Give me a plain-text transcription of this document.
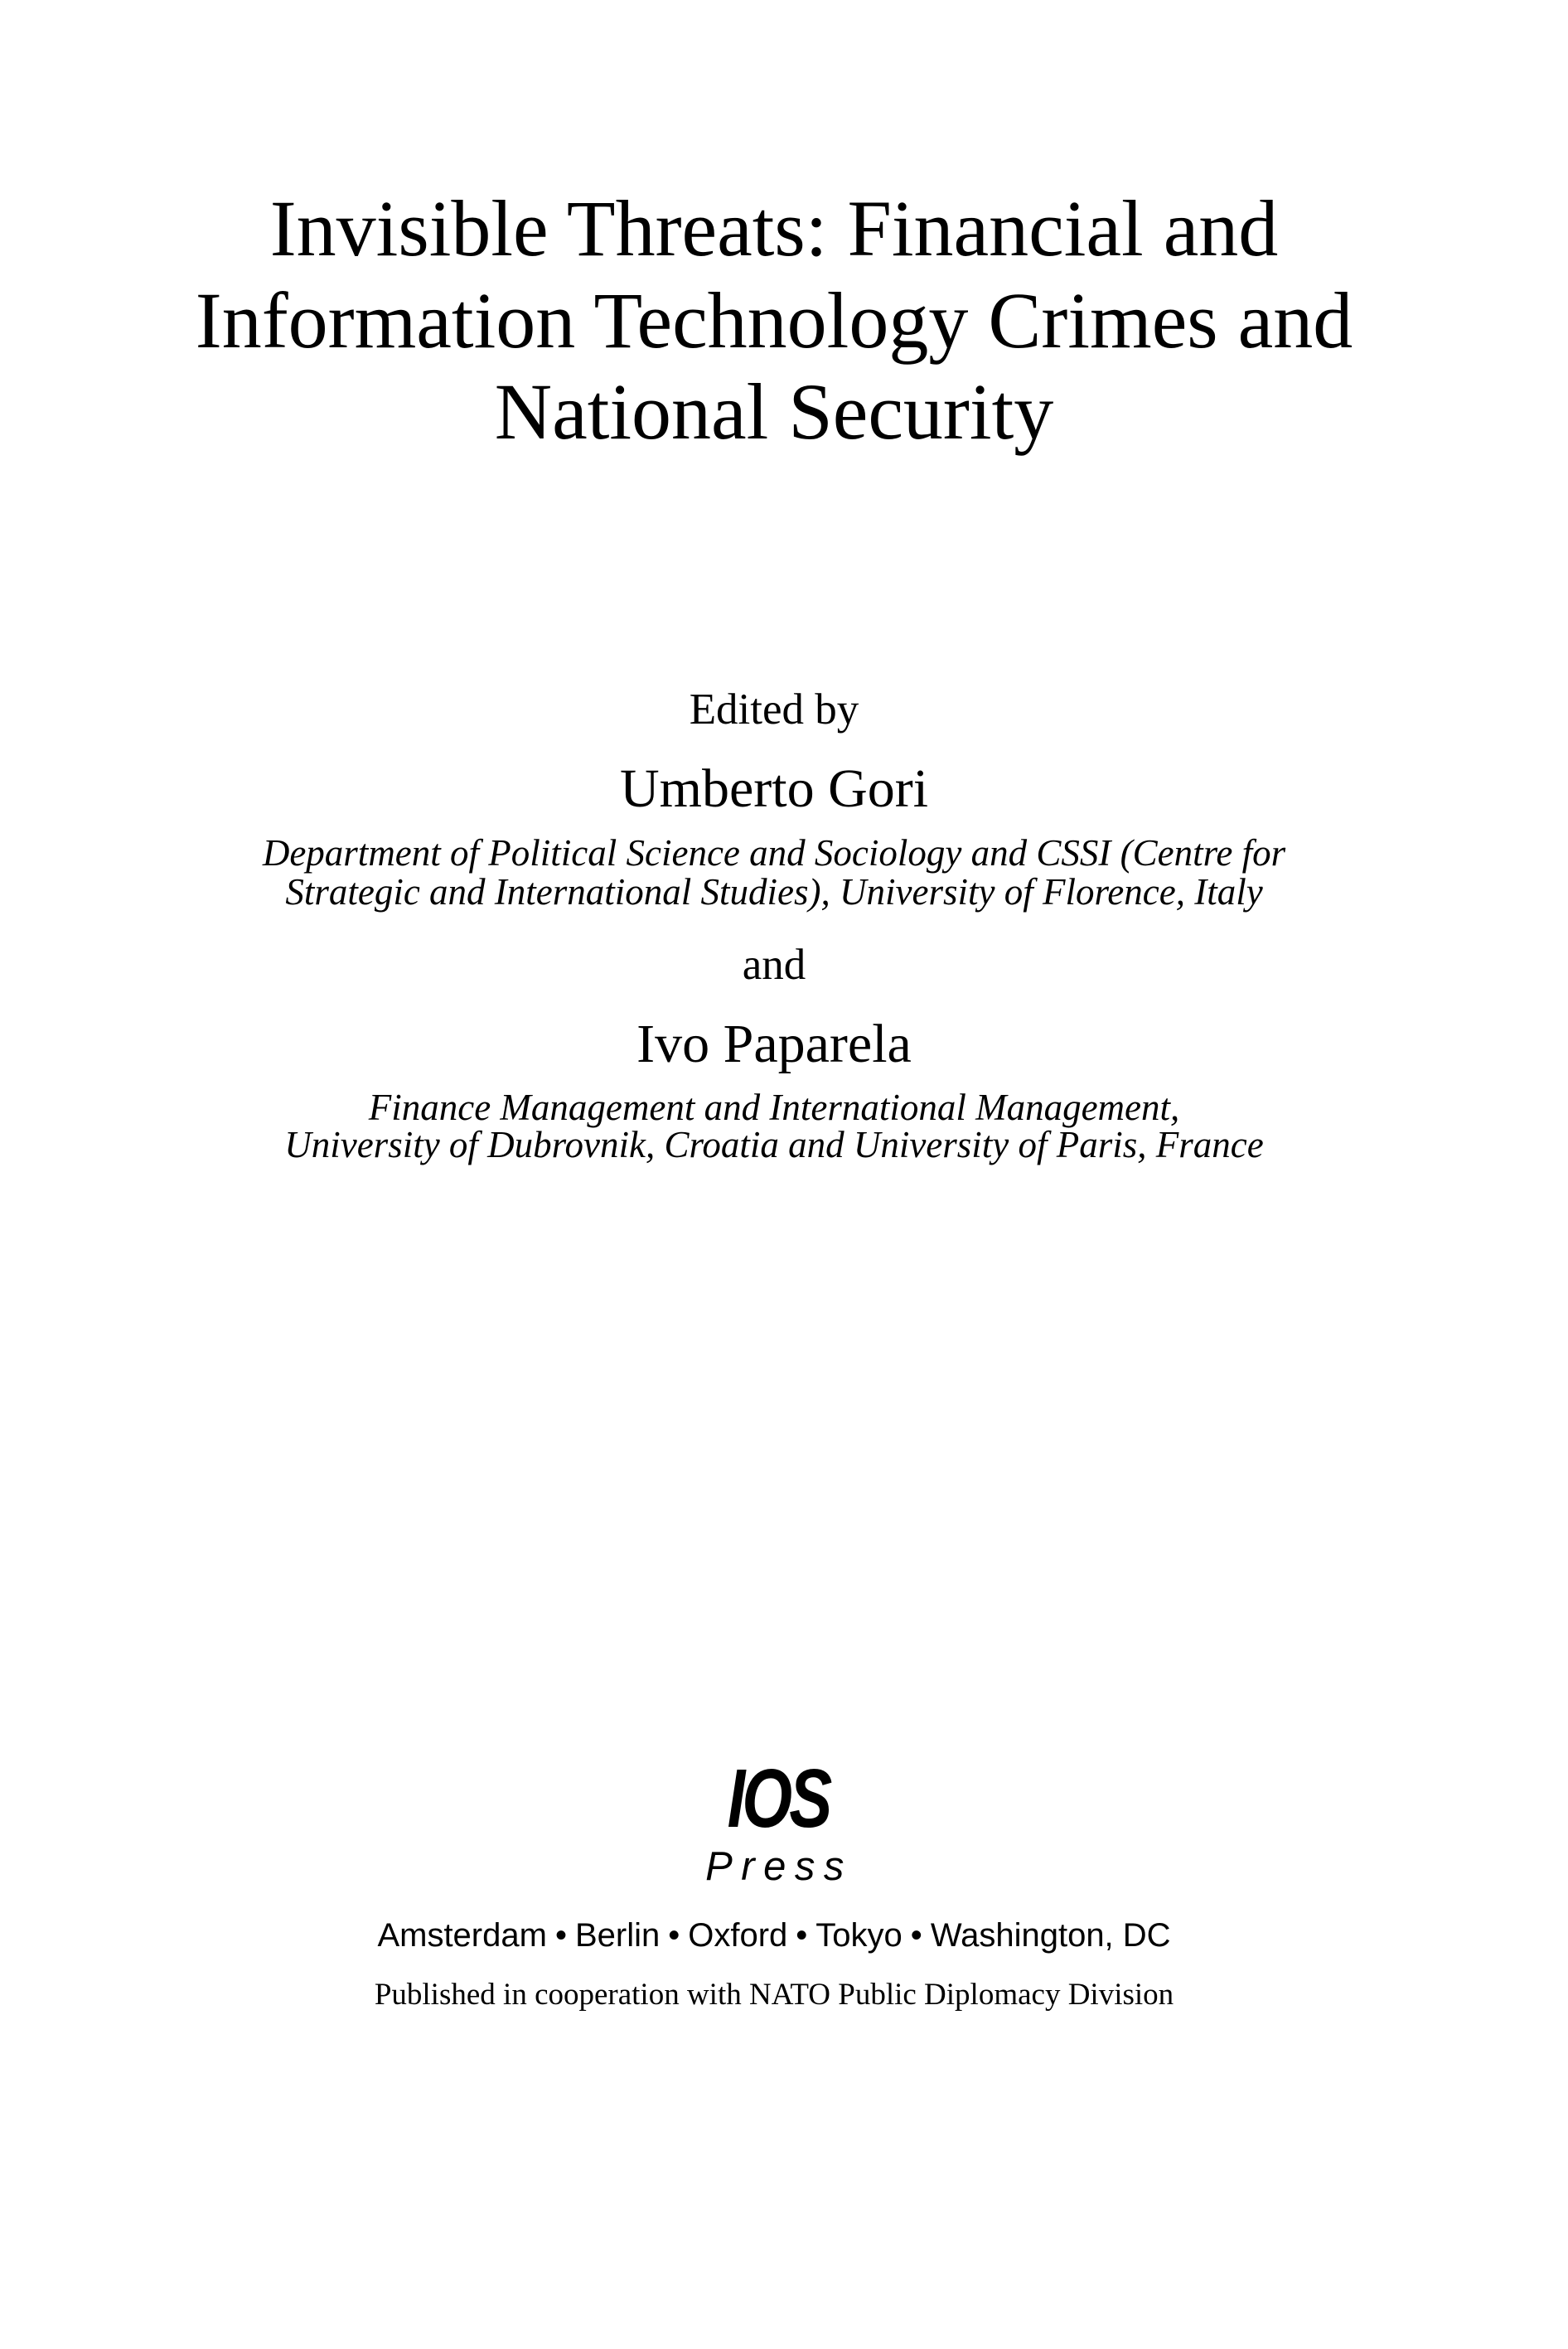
Invisible Threats: Financial and
Information Technology Crimes and
National Security

Edited by

Umberto Gori

Department of Political Science and Sociology and CSSI (Centre for

Strategic and International Studies), University of Florence, Italy

and

Ivo Paparela

Finance Management and International Management,

University of Dubrovnik, Croatia and University of Paris, France

IOS
Press

Amsterdam • Berlin • Oxford • Tokyo • Washington, DC

Published in cooperation with NATO Public Diplomacy Division
